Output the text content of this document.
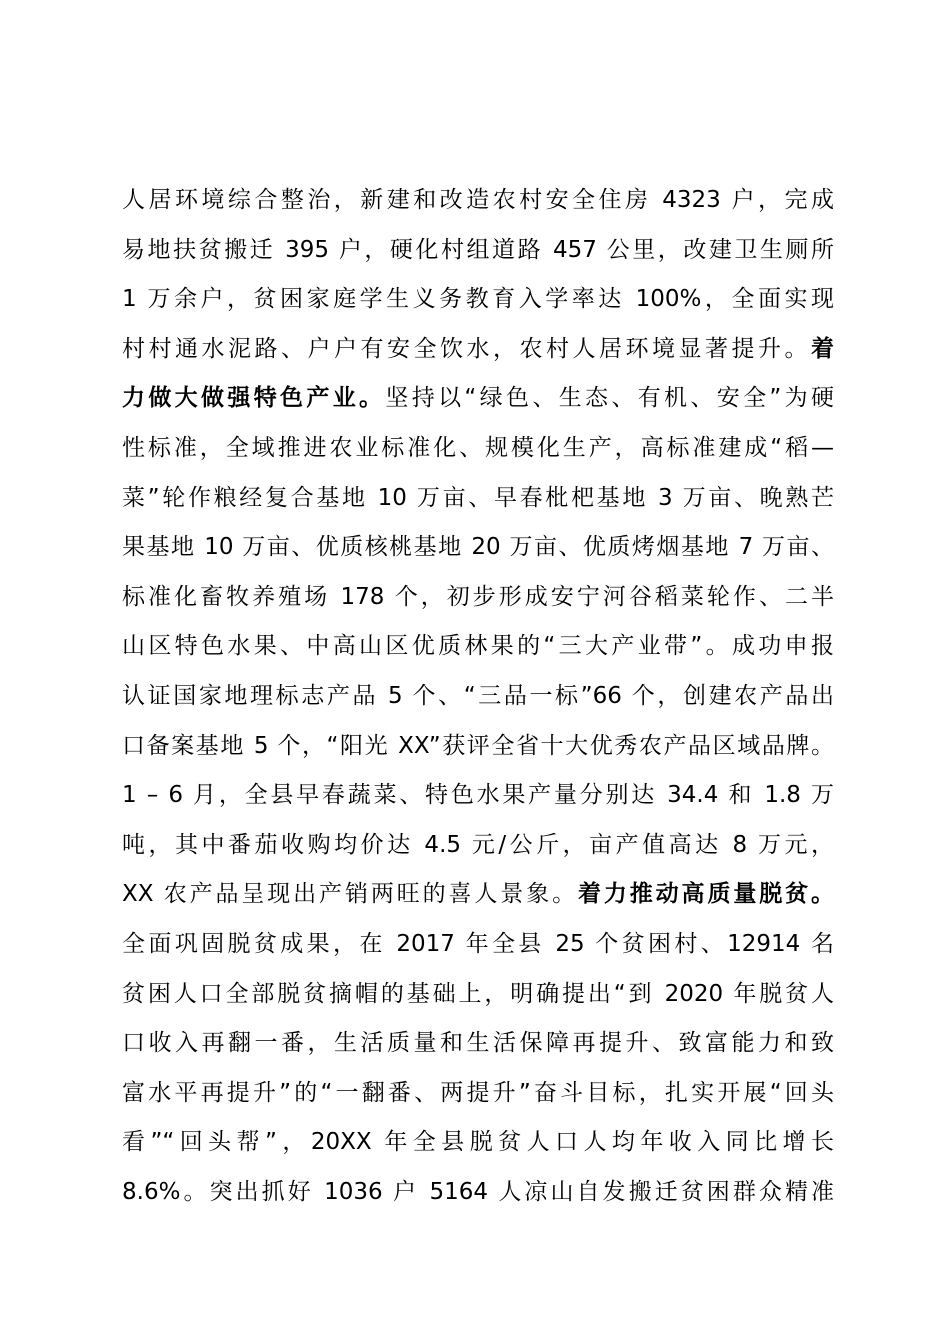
人居环境综合整治，新建和改造农村安全住房 4323 户，完成
易地扶贫搬迁 395 户，硬化村组道路 457 公里，改建卫生厕所
1 万余户，贫困家庭学生义务教育入学率达 100%，全面实现
村村通水泥路、户户有安全饮水，农村人居环境显著提升。着
力做大做强特色产业。坚持以“绿色、生态、有机、安全”为硬
性标准，全域推进农业标准化、规模化生产，高标准建成“稻—
菜”轮作粮经复合基地 10 万亩、早春枇杷基地 3 万亩、晚熟芒
果基地 10 万亩、优质核桃基地 20 万亩、优质烤烟基地 7 万亩、
标准化畜牧养殖场 178 个，初步形成安宁河谷稻菜轮作、二半
山区特色水果、中高山区优质林果的“三大产业带”。成功申报
认证国家地理标志产品 5 个、“三品一标”66 个，创建农产品出
口备案基地 5 个，“阳光 XX”获评全省十大优秀农产品区域品牌。
1 – 6 月，全县早春蔬菜、特色水果产量分别达 34.4 和 1.8 万
吨，其中番茄收购均价达 4.5 元/公斤，亩产值高达 8 万元，
XX 农产品呈现出产销两旺的喜人景象。着力推动高质量脱贫。
全面巩固脱贫成果，在 2017 年全县 25 个贫困村、12914 名
贫困人口全部脱贫摘帽的基础上，明确提出“到 2020 年脱贫人
口收入再翻一番，生活质量和生活保障再提升、致富能力和致
富水平再提升”的“一翻番、两提升”奋斗目标，扎实开展“回头
看”“回头帮”，20XX 年全县脱贫人口人均年收入同比增长
8.6%。突出抓好 1036 户 5164 人凉山自发搬迁贫困群众精准
